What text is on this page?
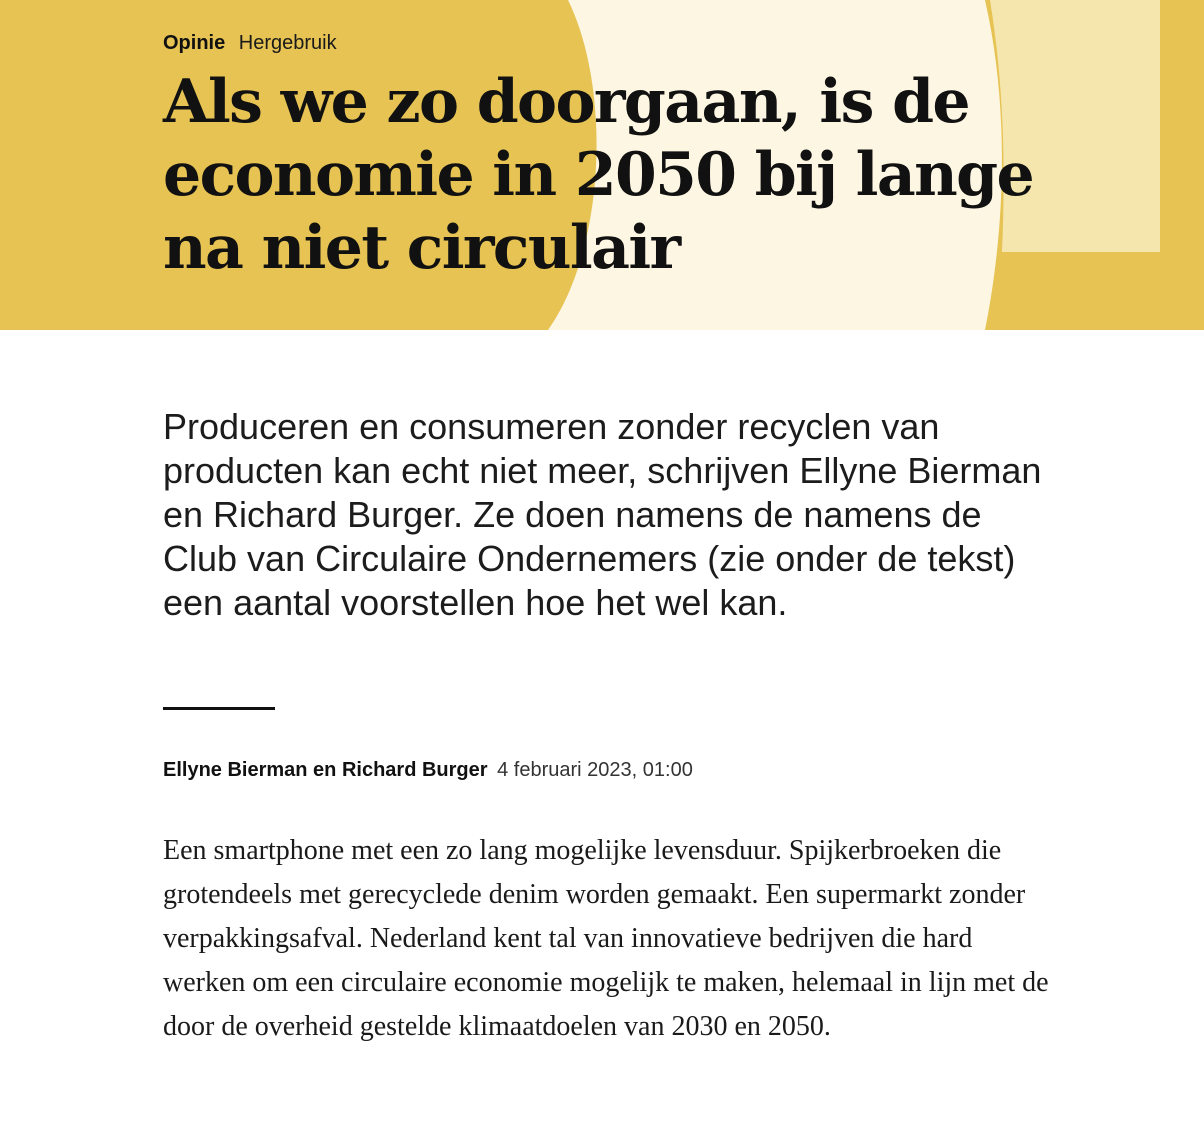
Opinie Hergebruik
Als we zo doorgaan, is de economie in 2050 bij lange na niet circulair

Produceren en consumeren zonder recyclen van producten kan echt niet meer, schrijven Ellyne Bierman en Richard Burger. Ze doen namens de namens de Club van Circulaire Ondernemers (zie onder de tekst) een aantal voorstellen hoe het wel kan.

Ellyne Bierman en Richard Burger 4 februari 2023, 01:00

Een smartphone met een zo lang mogelijke levensduur. Spijkerbroeken die grotendeels met gerecyclede denim worden gemaakt. Een supermarkt zonder verpakkingsafval. Nederland kent tal van innovatieve bedrijven die hard werken om een circulaire economie mogelijk te maken, helemaal in lijn met de door de overheid gestelde klimaatdoelen van 2030 en 2050.
